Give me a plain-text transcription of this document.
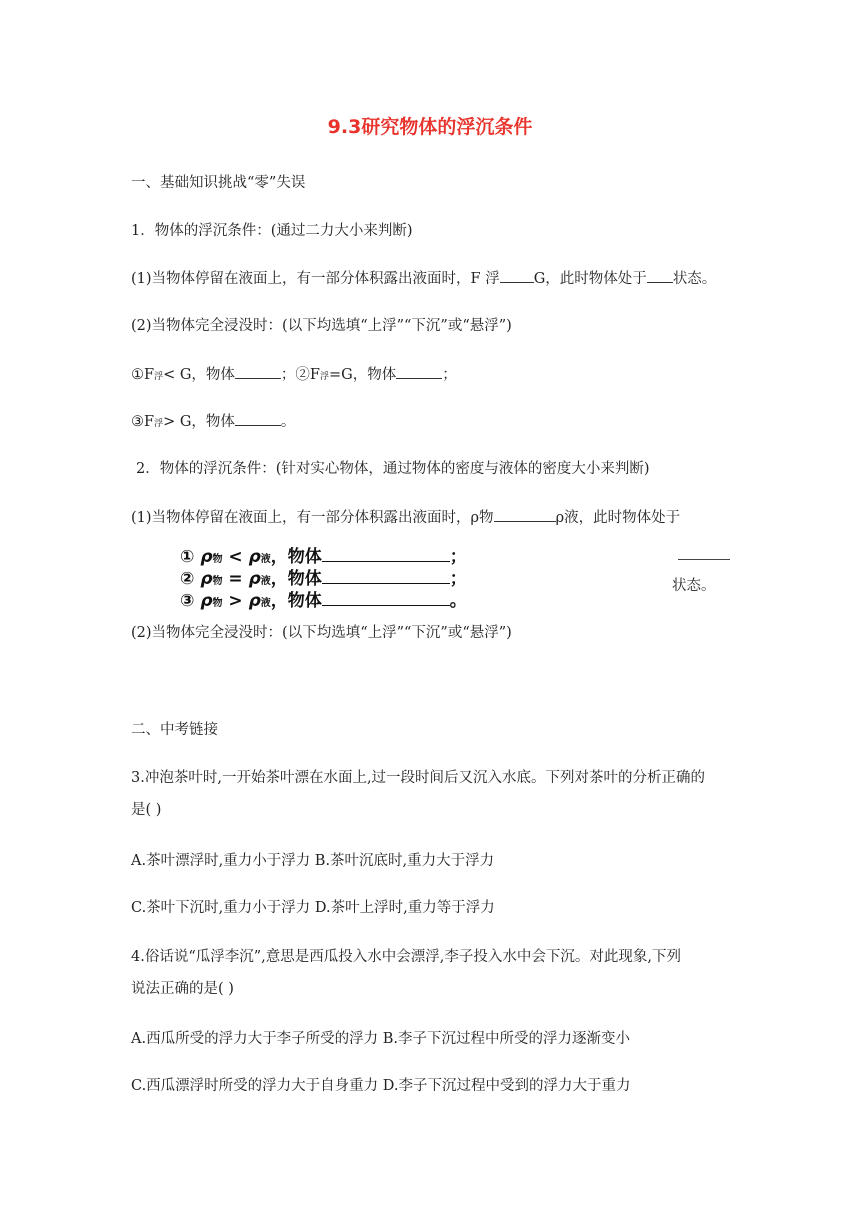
9.3研究物体的浮沉条件
一、基础知识挑战“零”失误
1．物体的浮沉条件：(通过二力大小来判断)
(1)当物体停留在液面上，有一部分体积露出液面时，F 浮 G，此时物体处于 状态。
(2)当物体完全浸没时：(以下均选填“上浮”“下沉”或“悬浮”)
①F浮< G，物体	；②F浮=G，物体	；
③F浮> G，物体	。
2．物体的浮沉条件：(针对实心物体，通过物体的密度与液体的密度大小来判断)
(1)当物体停留在液面上，有一部分体积露出液面时，ρ物	ρ液，此时物体处于
① ρ物 < ρ液，物体	；
② ρ物 = ρ液，物体	；
③ ρ物 > ρ液，物体	。
状态。
(2)当物体完全浸没时：(以下均选填“上浮”“下沉”或“悬浮”)
二、中考链接
3.冲泡茶叶时,一开始茶叶漂在水面上,过一段时间后又沉入水底。下列对茶叶的分析正确的
是( )
A.茶叶漂浮时,重力小于浮力 B.茶叶沉底时,重力大于浮力
C.茶叶下沉时,重力小于浮力 D.茶叶上浮时,重力等于浮力
4.俗话说“瓜浮李沉”,意思是西瓜投入水中会漂浮,李子投入水中会下沉。对此现象,下列
说法正确的是( )
A.西瓜所受的浮力大于李子所受的浮力 B.李子下沉过程中所受的浮力逐渐变小
C.西瓜漂浮时所受的浮力大于自身重力 D.李子下沉过程中受到的浮力大于重力
